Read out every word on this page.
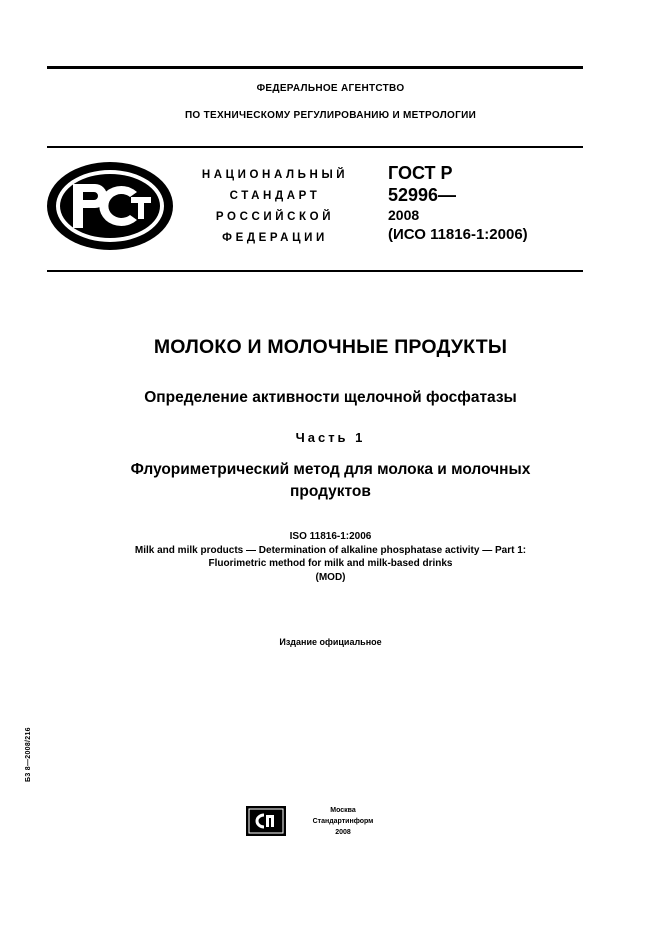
ФЕДЕРАЛЬНОЕ АГЕНТСТВО
ПО ТЕХНИЧЕСКОМУ РЕГУЛИРОВАНИЮ И МЕТРОЛОГИИ
НАЦИОНАЛЬНЫЙ
СТАНДАРТ
РОССИЙСКОЙ
ФЕДЕРАЦИИ
ГОСТ Р
52996—
2008
(ИСО 11816-1:2006)
МОЛОКО И МОЛОЧНЫЕ ПРОДУКТЫ
Определение активности щелочной фосфатазы
Часть 1
Флуориметрический метод для молока и молочных
продуктов
ISO 11816-1:2006
Milk and milk products — Determination of alkaline phosphatase activity — Part 1:
Fluorimetric method for milk and milk-based drinks
(MOD)
Издание официальное
Б3 8—2008/216
Москва
Стандартинформ
2008
